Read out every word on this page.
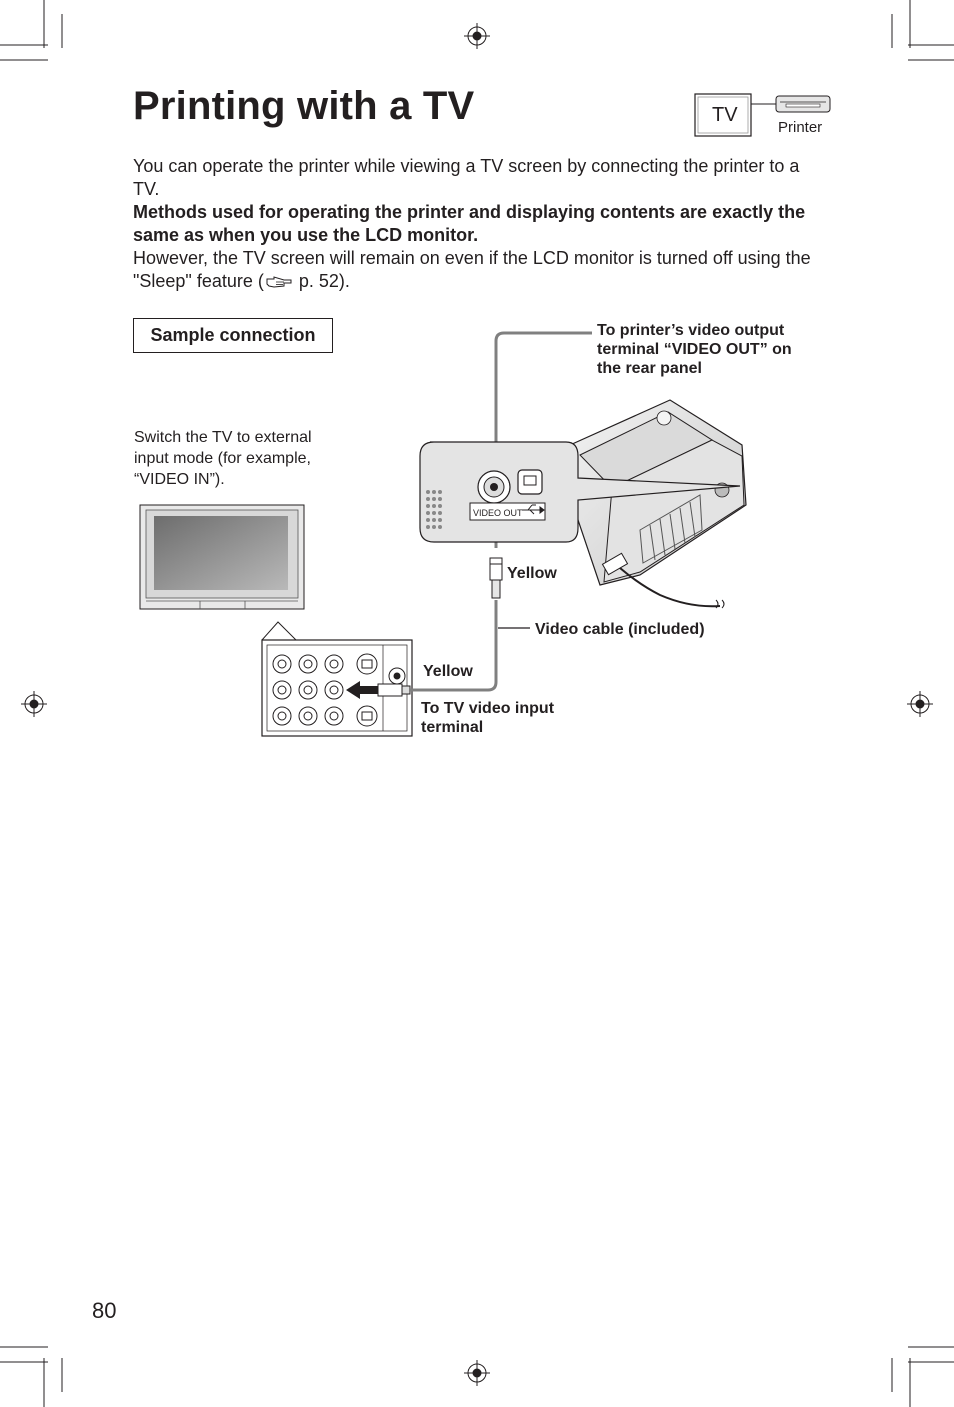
VIDEO OUT
Printing with a TV	TV
Printer

You can operate the printer while viewing a TV screen by connecting the printer to a TV.

Methods used for operating the printer and displaying contents are exactly the same as when you use the LCD monitor.

However, the TV screen will remain on even if the LCD monitor is turned off using the "Sleep" feature ( p. 52).

Sample connection
Switch the TV to external input mode (for example, “VIDEO IN”).
To printer’s video output terminal “VIDEO OUT” on the rear panel
Yellow
Video cable (included)
Yellow
To TV video input terminal
80
